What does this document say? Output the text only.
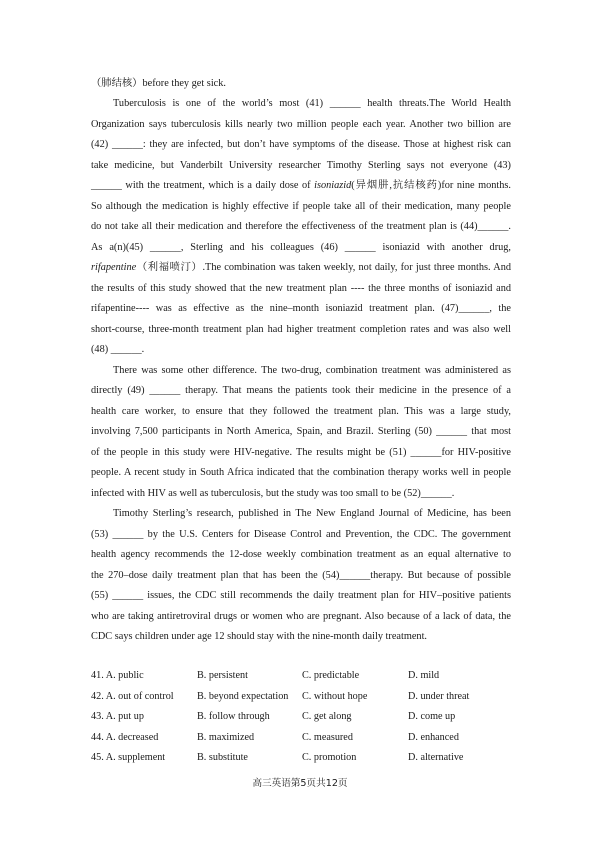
（肺结核）before they get sick.
Tuberculosis is one of the world’s most (41) ______ health threats.The World Health
Organization says tuberculosis kills nearly two million people each year. Another two billion are
(42) ______: they are infected, but don’t have symptoms of the disease. Those at highest risk can
take medicine, but Vanderbilt University researcher Timothy Sterling says not everyone (43)
______ with the treatment, which is a daily dose of isoniazid(异烟肼,抗结核药)for nine months.
So although the medication is highly effective if people take all of their medication, many people
do not take all their medication and therefore the effectiveness of the treatment plan is (44)______.
As a(n)(45) ______, Sterling and his colleagues (46) ______ isoniazid with another drug,
rifapentine（利福喷汀）.The combination was taken weekly, not daily, for just three months. And
the results of this study showed that the new treatment plan ---- the three months of isoniazid and
rifapentine---- was as effective as the nine–month isoniazid treatment plan. (47)______, the
short-course, three-month treatment plan had higher treatment completion rates and was also well
(48) ______.
There was some other difference. The two-drug, combination treatment was administered as
directly (49) ______ therapy. That means the patients took their medicine in the presence of a
health care worker, to ensure that they followed the treatment plan. This was a large study,
involving 7,500 participants in North America, Spain, and Brazil. Sterling (50) ______ that most
of the people in this study were HIV-negative. The results might be (51) ______for HIV-positive
people. A recent study in South Africa indicated that the combination therapy works well in people
infected with HIV as well as tuberculosis, but the study was too small to be (52)______.
Timothy Sterling’s research, published in The New England Journal of Medicine, has been
(53) ______ by the U.S. Centers for Disease Control and Prevention, the CDC. The government
health agency recommends the 12-dose weekly combination treatment as an equal alternative to
the 270–dose daily treatment plan that has been the (54)______therapy. But because of possible
(55) ______ issues, the CDC still recommends the daily treatment plan for HIV–positive patients
who are taking antiretroviral drugs or women who are pregnant. Also because of a lack of data, the
CDC says children under age 12 should stay with the nine-month daily treatment.
41. A. public	B. persistent	C. predictable	D. mild
42. A. out of control B. beyond expectation C. without hope	D. under threat
43. A. put up	B. follow through	C. get along	D. come up
44. A. decreased	B. maximized	C. measured	D. enhanced
45. A. supplement	B. substitute	C. promotion	D. alternative
高三英语第5页共12页
